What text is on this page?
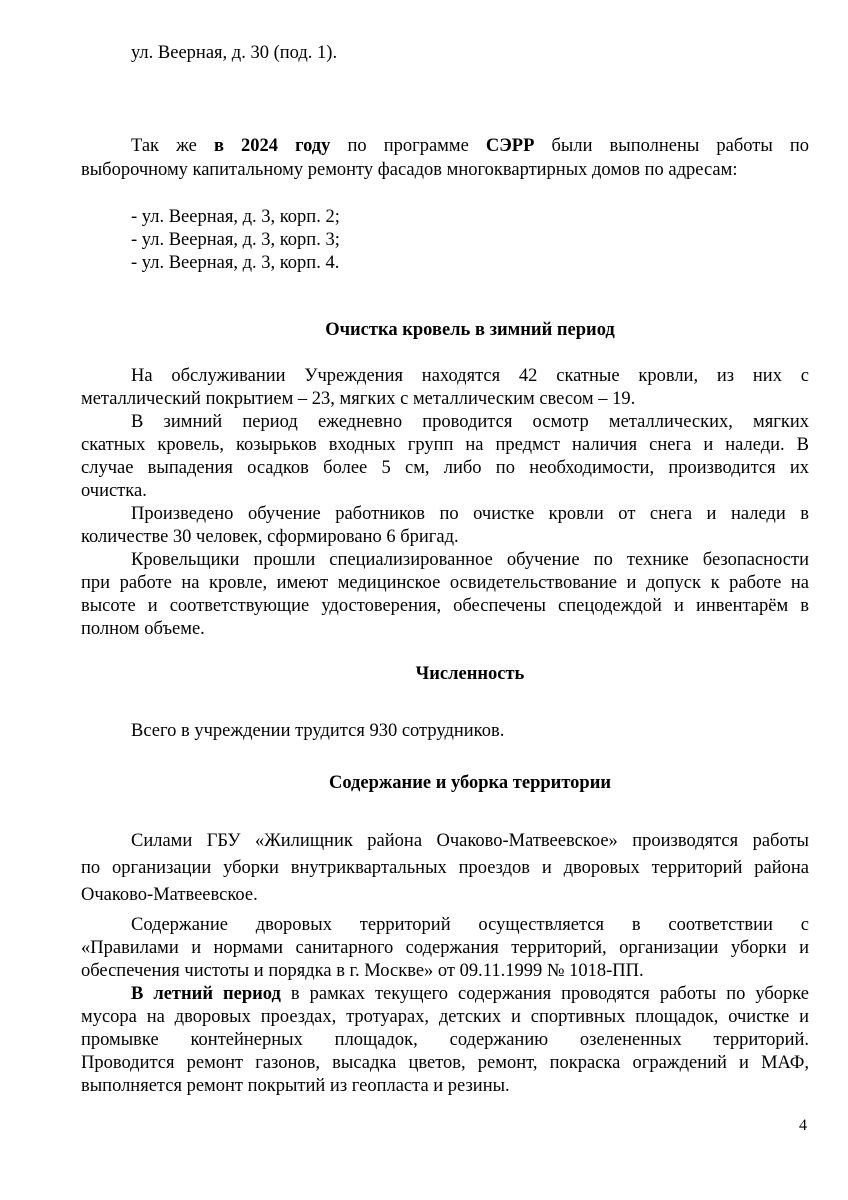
ул. Веерная, д. 30 (под. 1).
Так же в 2024 году по программе СЭРР были выполнены работы по
выборочному капитальному ремонту фасадов многоквартирных домов по адресам:
- ул. Веерная, д. 3, корп. 2;
- ул. Веерная, д. 3, корп. 3;
- ул. Веерная, д. 3, корп. 4.
Очистка кровель в зимний период
На обслуживании Учреждения находятся 42 скатные кровли, из них с
металлический покрытием – 23, мягких с металлическим свесом – 19.
В зимний период ежедневно проводится осмотр металлических, мягких
скатных кровель, козырьков входных групп на предмст наличия снега и наледи. В
случае выпадения осадков более 5 см, либо по необходимости, производится их
очистка.
Произведено обучение работников по очистке кровли от снега и наледи в
количестве 30 человек, сформировано 6 бригад.
Кровельщики прошли специализированное обучение по технике безопасности
при работе на кровле, имеют медицинское освидетельствование и допуск к работе на
высоте и соответствующие удостоверения, обеспечены спецодеждой и инвентарём в
полном объеме.
Численность
Всего в учреждении трудится 930 сотрудников.
Содержание и уборка территории
Силами ГБУ «Жилищник района Очаково-Матвеевское» производятся работы
по организации уборки внутриквартальных проездов и дворовых территорий района
Очаково-Матвеевское.
Содержание дворовых территорий осуществляется в соответствии с
«Правилами и нормами санитарного содержания территорий, организации уборки и
обеспечения чистоты и порядка в г. Москве» от 09.11.1999 № 1018-ПП.
В летний период в рамках текущего содержания проводятся работы по уборке
мусора на дворовых проездах, тротуарах, детских и спортивных площадок, очистке и
промывке контейнерных площадок, содержанию озелененных территорий.
Проводится ремонт газонов, высадка цветов, ремонт, покраска ограждений и МАФ,
выполняется ремонт покрытий из геопласта и резины.
4
